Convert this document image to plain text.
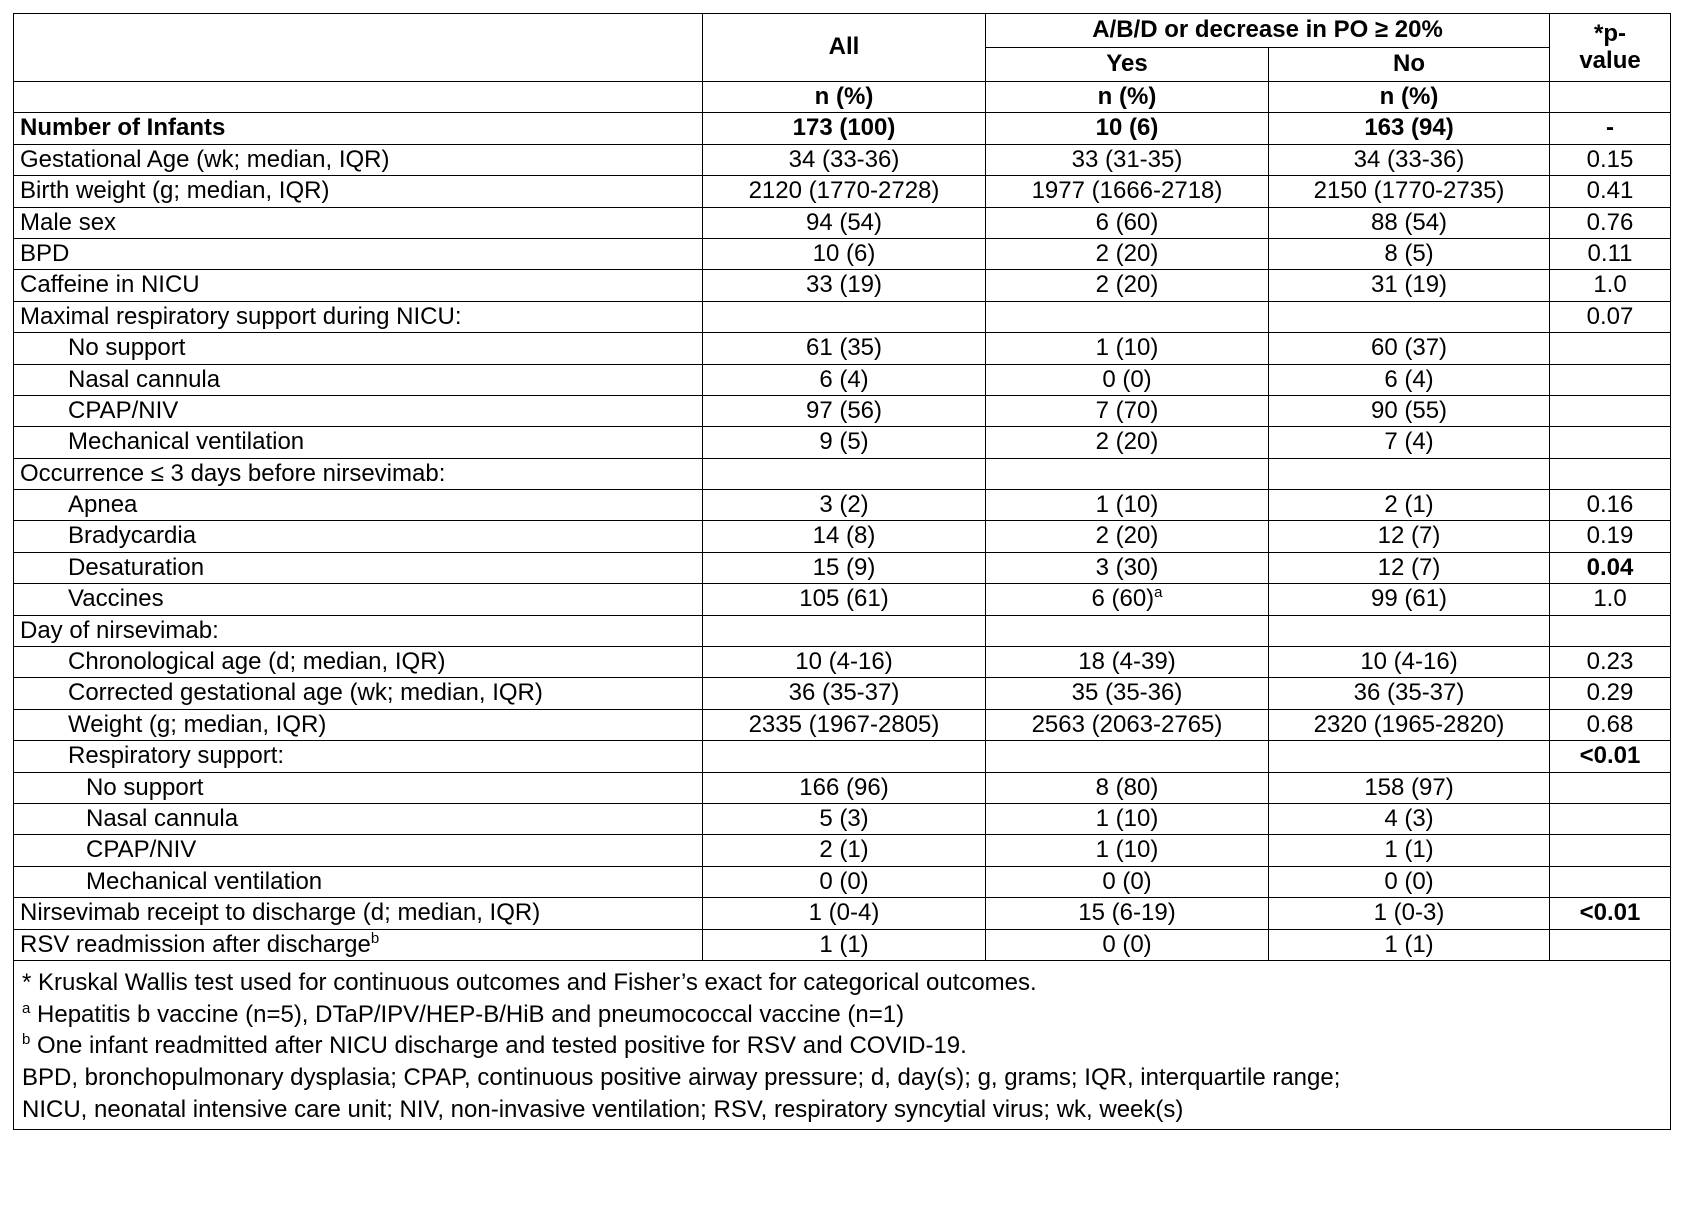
	All	A/B/D or decrease in PO ≥ 20%		*p-
value

		Yes	No	
	n (%)	n (%)	n (%)	
Number of Infants	173 (100)	10 (6)	163 (94)	-
Gestational Age (wk; median, IQR)	34 (33-36)	33 (31-35)	34 (33-36)	0.15
Birth weight (g; median, IQR)	2120 (1770-2728)	1977 (1666-2718)	2150 (1770-2735)	0.41
Male sex	94 (54)	6 (60)	88 (54)	0.76
BPD	10 (6)	2 (20)	8 (5)	0.11
Caffeine in NICU	33 (19)	2 (20)	31 (19)	1.0
Maximal respiratory support during NICU:				0.07
No support	61 (35)	1 (10)	60 (37)	
Nasal cannula	6 (4)	0 (0)	6 (4)	
CPAP/NIV	97 (56)	7 (70)	90 (55)	
Mechanical ventilation	9 (5)	2 (20)	7 (4)	
Occurrence ≤ 3 days before nirsevimab:				
Apnea	3 (2)	1 (10)	2 (1)	0.16
Bradycardia	14 (8)	2 (20)	12 (7)	0.19
Desaturation	15 (9)	3 (30)	12 (7)	0.04
Vaccines	105 (61)	6 $(60)^a$	99 (61)	1.0
Day of nirsevimab:				
Chronological age (d; median, IQR)	10 (4-16)	18 (4-39)	10 (4-16)	0.23
Corrected gestational age (wk; median, IQR)	36 (35-37)	35 (35-36)	36 (35-37)	0.29
Weight (g; median, IQR)	2335 (1967-2805)	2563 (2063-2765)	2320 (1965-2820)	0.68
Respiratory support:				<0.01
No support	166 (96)	8 (80)	158 (97)	
Nasal cannula	5 (3)	1 (10)	4 (3)	
CPAP/NIV	2 (1)	1 (10)	1 (1)	
Mechanical ventilation	0 (0)	0 (0)	0 (0)	
Nirsevimab receipt to discharge (d; median, IQR)	1 (0-4)	15 (6-19)	1 (0-3)	<0.01
RSV readmission after discharge$^b$	1 (1)	0 (0)	1 (1)	

* Kruskal Wallis test used for continuous outcomes and Fisher’s exact for categorical outcomes.
$^a$ Hepatitis b vaccine (n=5), DTaP/IPV/HEP-B/HiB and pneumococcal vaccine (n=1)
$^b$ One infant readmitted after NICU discharge and tested positive for RSV and COVID-19.
BPD, bronchopulmonary dysplasia; CPAP, continuous positive airway pressure; d, day(s); g, grams; IQR, interquartile range;
NICU, neonatal intensive care unit; NIV, non-invasive ventilation; RSV, respiratory syncytial virus; wk, week(s)				
